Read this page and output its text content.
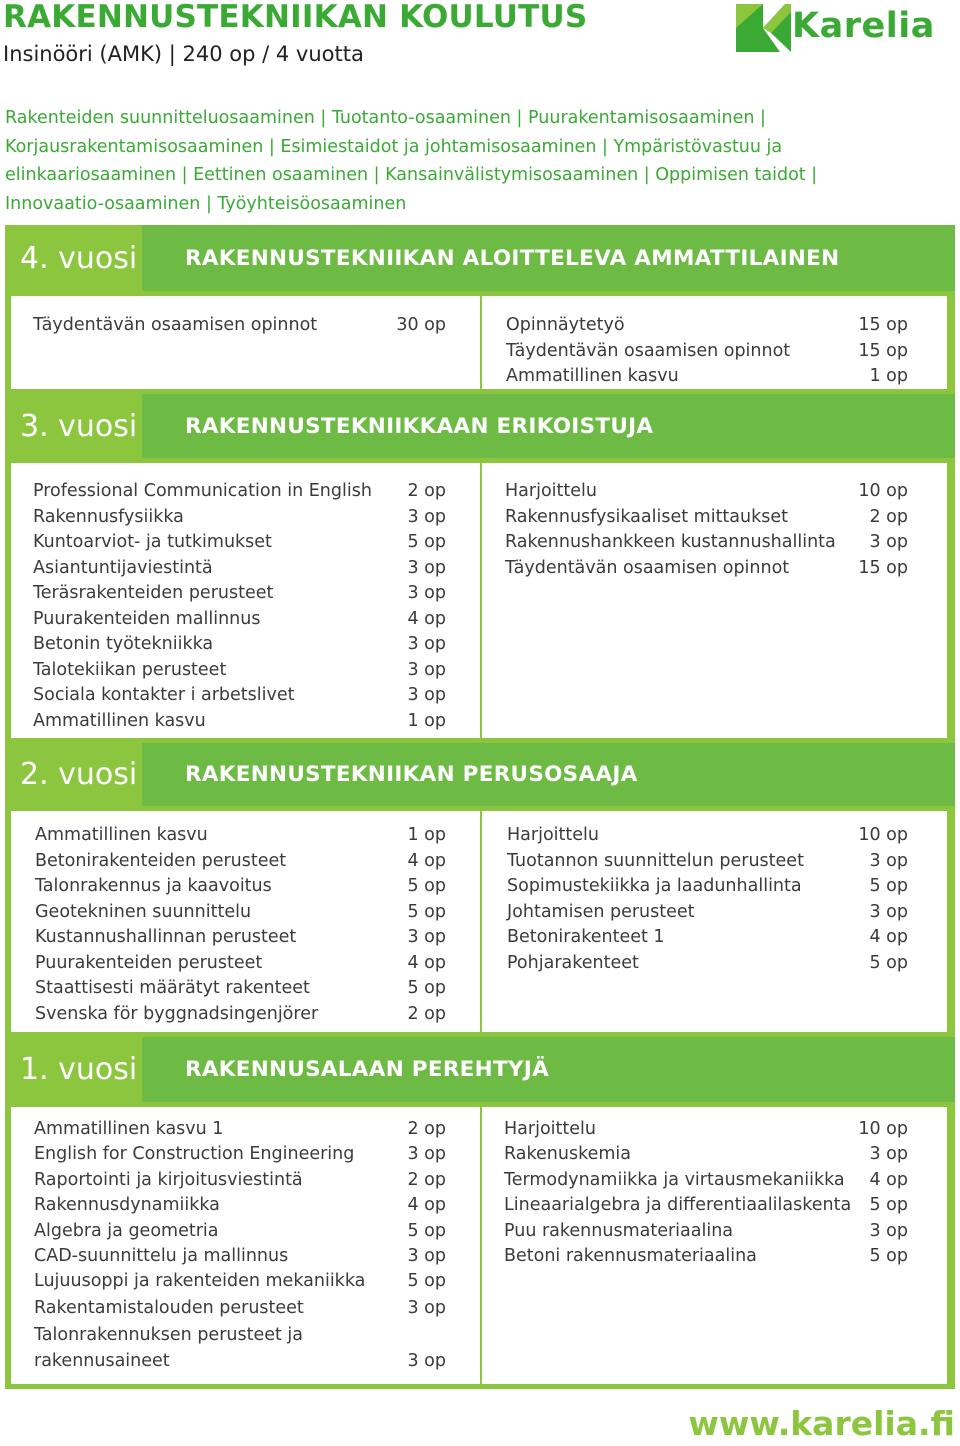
RAKENNUSTEKNIIKAN KOULUTUS
Insinööri (AMK) | 240 op / 4 vuotta
Karelia
Rakenteiden suunnitteluosaaminen | Tuotanto-osaaminen | Puurakentamisosaaminen |
Korjausrakentamisosaaminen | Esimiestaidot ja johtamisosaaminen | Ympäristövastuu ja
elinkaariosaaminen | Eettinen osaaminen | Kansainvälistymisosaaminen | Oppimisen taidot |
Innovaatio-osaaminen | Työyhteisöosaaminen
4. vuosi	RAKENNUSTEKNIIKAN ALOITTELEVA AMMATTILAINEN
Täydentävän osaamisen opinnot	30 op	Opinnäytetyö	15 op
Täydentävän osaamisen opinnot	15 op
Ammatillinen kasvu	1 op
3. vuosi	RAKENNUSTEKNIIKKAAN ERIKOISTUJA
Professional Communication in English 2 op
Rakennusfysiikka	3 op
Kuntoarviot- ja tutkimukset	5 op
Asiantuntijaviestintä	3 op
Teräsrakenteiden perusteet	3 op
Puurakenteiden mallinnus	4 op
Betonin työtekniikka	3 op
Talotekiikan perusteet	3 op
Sociala kontakter i arbetslivet	3 op
Ammatillinen kasvu	1 op
Harjoittelu	10 op
Rakennusfysikaaliset mittaukset	2 op
Rakennushankkeen kustannushallinta 3 op
Täydentävän osaamisen opinnot	15 op
2. vuosi	RAKENNUSTEKNIIKAN PERUSOSAAJA
Ammatillinen kasvu	1 op
Betonirakenteiden perusteet	4 op
Talonrakennus ja kaavoitus	5 op
Geotekninen suunnittelu	5 op
Kustannushallinnan perusteet	3 op
Puurakenteiden perusteet	4 op
Staattisesti määrätyt rakenteet	5 op
Svenska för byggnadsingenjörer	2 op
Harjoittelu	10 op
Tuotannon suunnittelun perusteet	3 op
Sopimustekiikka ja laadunhallinta	5 op
Johtamisen perusteet	3 op
Betonirakenteet 1	4 op
Pohjarakenteet	5 op
1. vuosi	RAKENNUSALAAN PEREHTYJÄ
Ammatillinen kasvu 1	2 op
English for Construction Engineering	3 op
Raportointi ja kirjoitusviestintä	2 op
Rakennusdynamiikka	4 op
Algebra ja geometria	5 op
CAD-suunnittelu ja mallinnus	3 op
Lujuusoppi ja rakenteiden mekaniikka 5 op
Rakentamistalouden perusteet	3 op
Talonrakennuksen perusteet ja
rakennusaineet	3 op
Harjoittelu	10 op
Rakenuskemia	3 op
Termodynamiikka ja virtausmekaniikka 4 op
Lineaarialgebra ja differentiaalilaskenta 5 op
Puu rakennusmateriaalina	3 op
Betoni rakennusmateriaalina	5 op
www.karelia.fi
